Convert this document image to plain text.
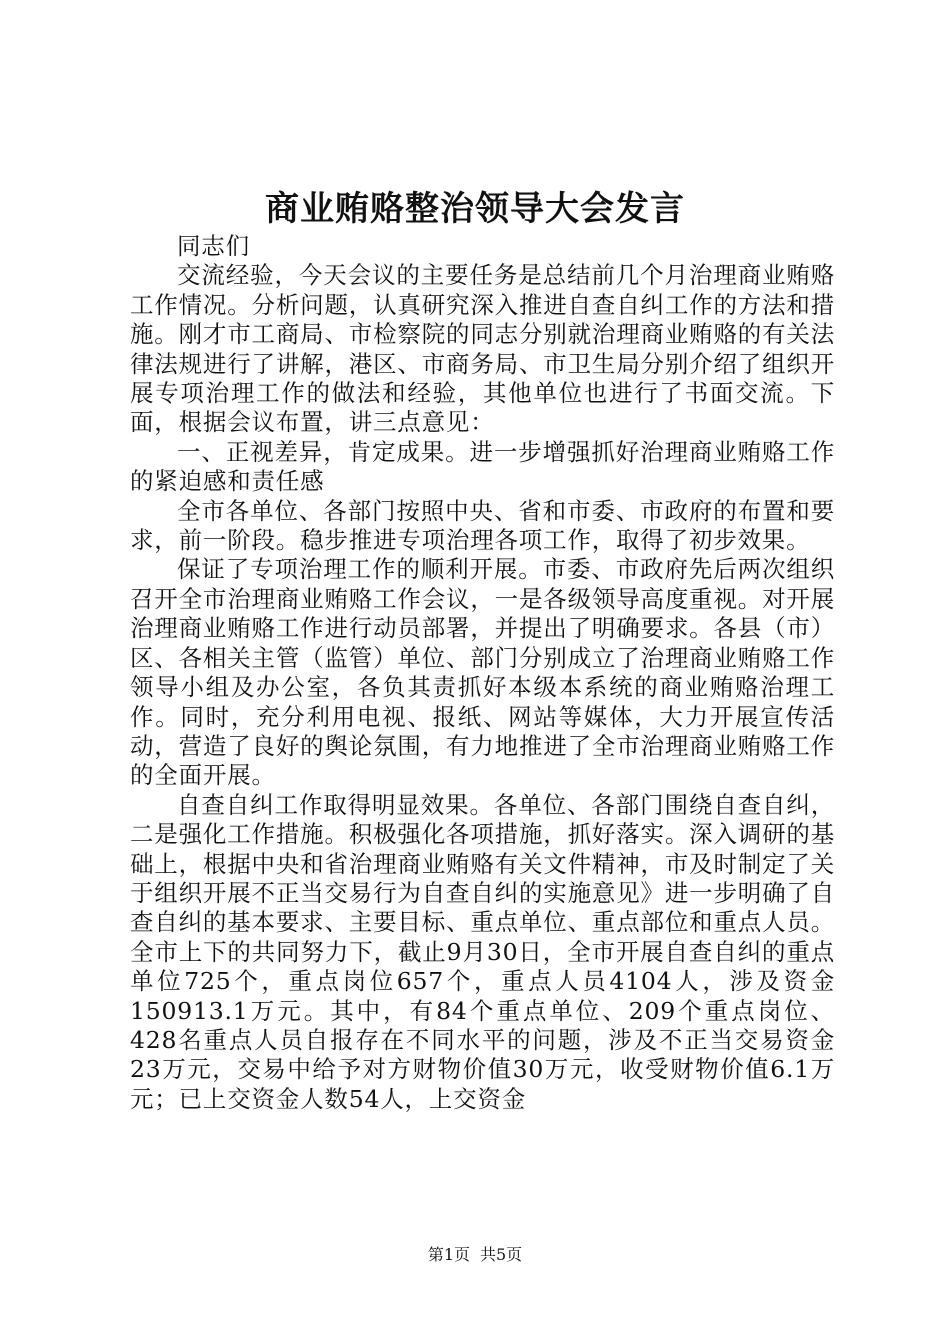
商业贿赂整治领导大会发言

同志们

交流经验，今天会议的主要任务是总结前几个月治理商业贿赂工作情况。分析问题，认真研究深入推进自查自纠工作的方法和措施。刚才市工商局、市检察院的同志分别就治理商业贿赂的有关法律法规进行了讲解，港区、市商务局、市卫生局分别介绍了组织开展专项治理工作的做法和经验，其他单位也进行了书面交流。下面，根据会议布置，讲三点意见：

一、正视差异，肯定成果。进一步增强抓好治理商业贿赂工作的紧迫感和责任感

全市各单位、各部门按照中央、省和市委、市政府的布置和要求，前一阶段。稳步推进专项治理各项工作，取得了初步效果。

保证了专项治理工作的顺利开展。市委、市政府先后两次组织召开全市治理商业贿赂工作会议，一是各级领导高度重视。对开展治理商业贿赂工作进行动员部署，并提出了明确要求。各县（市）区、各相关主管（监管）单位、部门分别成立了治理商业贿赂工作领导小组及办公室，各负其责抓好本级本系统的商业贿赂治理工作。同时，充分利用电视、报纸、网站等媒体，大力开展宣传活动，营造了良好的舆论氛围，有力地推进了全市治理商业贿赂工作的全面开展。

自查自纠工作取得明显效果。各单位、各部门围绕自查自纠，二是强化工作措施。积极强化各项措施，抓好落实。深入调研的基础上，根据中央和省治理商业贿赂有关文件精神，市及时制定了关于组织开展不正当交易行为自查自纠的实施意见》进一步明确了自查自纠的基本要求、主要目标、重点单位、重点部位和重点人员。全市上下的共同努力下，截止9月30日，全市开展自查自纠的重点单位725个，重点岗位657个，重点人员4104人，涉及资金150913.1万元。其中，有84个重点单位、209个重点岗位、428名重点人员自报存在不同水平的问题，涉及不正当交易资金23万元，交易中给予对方财物价值30万元，收受财物价值6.1万元；已上交资金人数54人，上交资金

第1页 共5页
